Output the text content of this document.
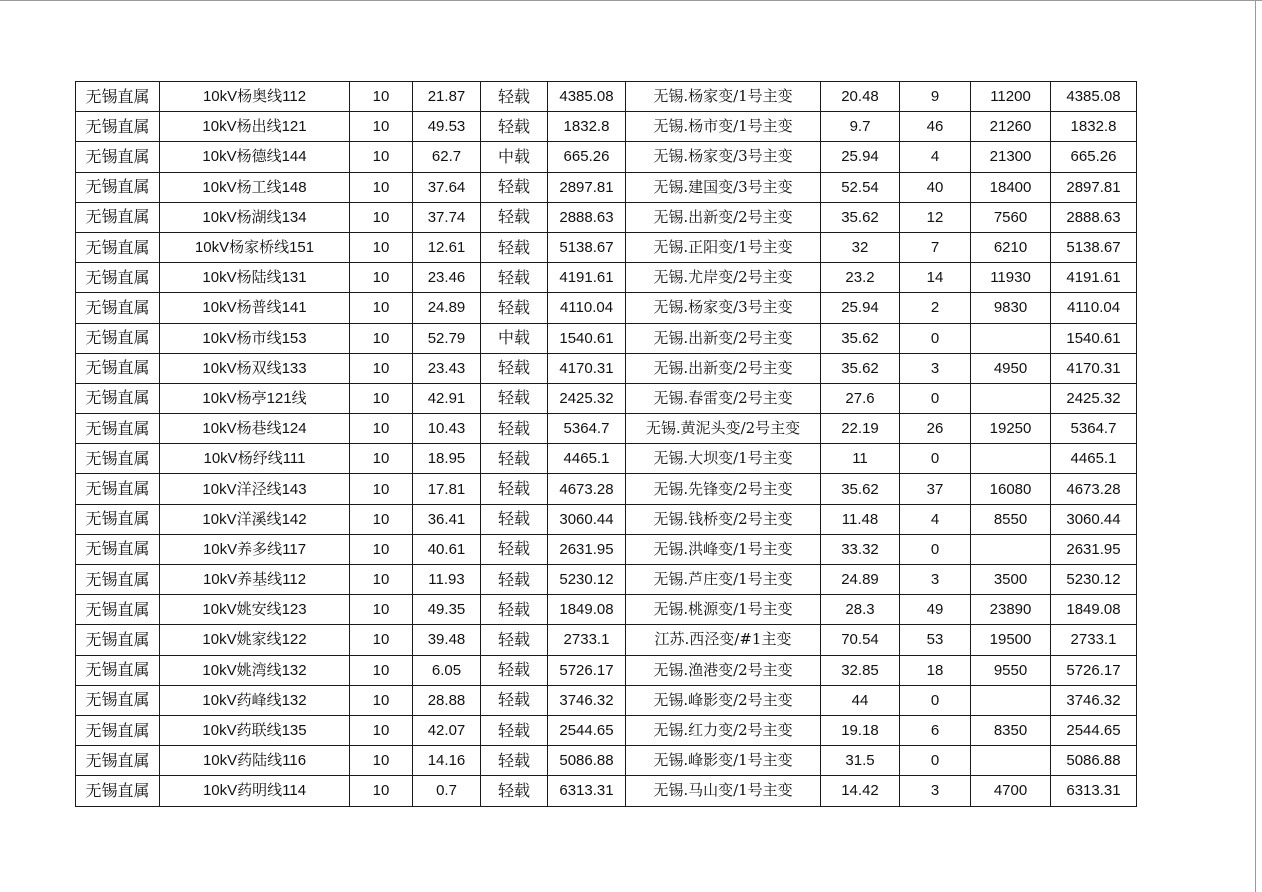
无锡直属	10kV杨奥线112	10	21.87	轻载	4385.08	无锡.杨家变/1号主变	20.48	9	11200	4385.08
无锡直属	10kV杨出线121	10	49.53	轻载	1832.8	无锡.杨市变/1号主变	9.7	46	21260	1832.8
无锡直属	10kV杨德线144	10	62.7	中载	665.26	无锡.杨家变/3号主变	25.94	4	21300	665.26
无锡直属	10kV杨工线148	10	37.64	轻载	2897.81	无锡.建国变/3号主变	52.54	40	18400	2897.81
无锡直属	10kV杨湖线134	10	37.74	轻载	2888.63	无锡.出新变/2号主变	35.62	12	7560	2888.63
无锡直属	10kV杨家桥线151	10	12.61	轻载	5138.67	无锡.正阳变/1号主变	32	7	6210	5138.67
无锡直属	10kV杨陆线131	10	23.46	轻载	4191.61	无锡.尤岸变/2号主变	23.2	14	11930	4191.61
无锡直属	10kV杨普线141	10	24.89	轻载	4110.04	无锡.杨家变/3号主变	25.94	2	9830	4110.04
无锡直属	10kV杨市线153	10	52.79	中载	1540.61	无锡.出新变/2号主变	35.62	0		1540.61
无锡直属	10kV杨双线133	10	23.43	轻载	4170.31	无锡.出新变/2号主变	35.62	3	4950	4170.31
无锡直属	10kV杨亭121线	10	42.91	轻载	2425.32	无锡.春雷变/2号主变	27.6	0		2425.32
无锡直属	10kV杨巷线124	10	10.43	轻载	5364.7	无锡.黄泥头变/2号主变	22.19	26	19250	5364.7
无锡直属	10kV杨纾线111	10	18.95	轻载	4465.1	无锡.大坝变/1号主变	11	0		4465.1
无锡直属	10kV洋泾线143	10	17.81	轻载	4673.28	无锡.先锋变/2号主变	35.62	37	16080	4673.28
无锡直属	10kV洋溪线142	10	36.41	轻载	3060.44	无锡.钱桥变/2号主变	11.48	4	8550	3060.44
无锡直属	10kV养多线117	10	40.61	轻载	2631.95	无锡.洪峰变/1号主变	33.32	0		2631.95
无锡直属	10kV养基线112	10	11.93	轻载	5230.12	无锡.芦庄变/1号主变	24.89	3	3500	5230.12
无锡直属	10kV姚安线123	10	49.35	轻载	1849.08	无锡.桃源变/1号主变	28.3	49	23890	1849.08
无锡直属	10kV姚家线122	10	39.48	轻载	2733.1	江苏.西泾变/#1主变	70.54	53	19500	2733.1
无锡直属	10kV姚湾线132	10	6.05	轻载	5726.17	无锡.渔港变/2号主变	32.85	18	9550	5726.17
无锡直属	10kV药峰线132	10	28.88	轻载	3746.32	无锡.峰影变/2号主变	44	0		3746.32
无锡直属	10kV药联线135	10	42.07	轻载	2544.65	无锡.红力变/2号主变	19.18	6	8350	2544.65
无锡直属	10kV药陆线116	10	14.16	轻载	5086.88	无锡.峰影变/1号主变	31.5	0		5086.88
无锡直属	10kV药明线114	10	0.7	轻载	6313.31	无锡.马山变/1号主变	14.42	3	4700	6313.31
